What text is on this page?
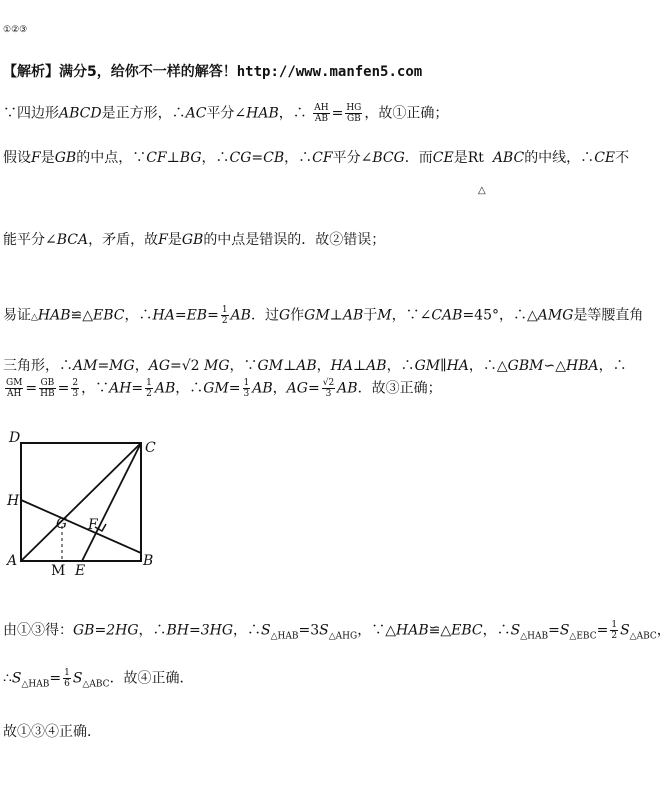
①②③
【解析】满分5，给你不一样的解答！http://www.manfen5.com
∵四边形ABCD是正方形，∴AC平分∠HAB，∴ $\frac{AH}{AB} = \frac{HG}{GB}$ ，故①正确；
假设F是GB的中点，∵CF⊥BG，∴CG=CB，∴CF平分∠BCG．而CE是Rt ABC的中线，∴CE不
△
能平分∠BCA，矛盾，故F是GB的中点是错误的．故②错误；
易证△HAB≌△EBC，∴HA=EB= $\frac{1}{2}$ AB．过G作GM⊥AB于M，∵∠CAB=45°，∴△AMG是等腰直角
三角形，∴AM=MG，AG=√2 MG，∵GM⊥AB，HA⊥AB，∴GM∥HA，∴△GBM∽△HBA，∴
$\frac{GM}{AH} = \frac{GB}{HB} = \frac{2}{3}$ ，∵AH= $\frac{1}{2}$ AB，∴GM= $\frac{1}{3}$ AB，$AG= \frac{√2}{3}$ AB．故③正确；
D
C
H
G F
A
M E
B
由①③得：GB=2HG，∴BH=3HG，$\therefore S_{\triangle HAB}=3S_{\triangle AHG}$，∵△HAB≌△EBC，$\therefore S_{\triangle HAB}=S_{\triangle EBC}= \frac{1}{2} S_{\triangle ABC}$，
$\therefore S_{\triangle HAB}= \frac{1}{6} S_{\triangle ABC}$．故④正确．
故①③④正确．
